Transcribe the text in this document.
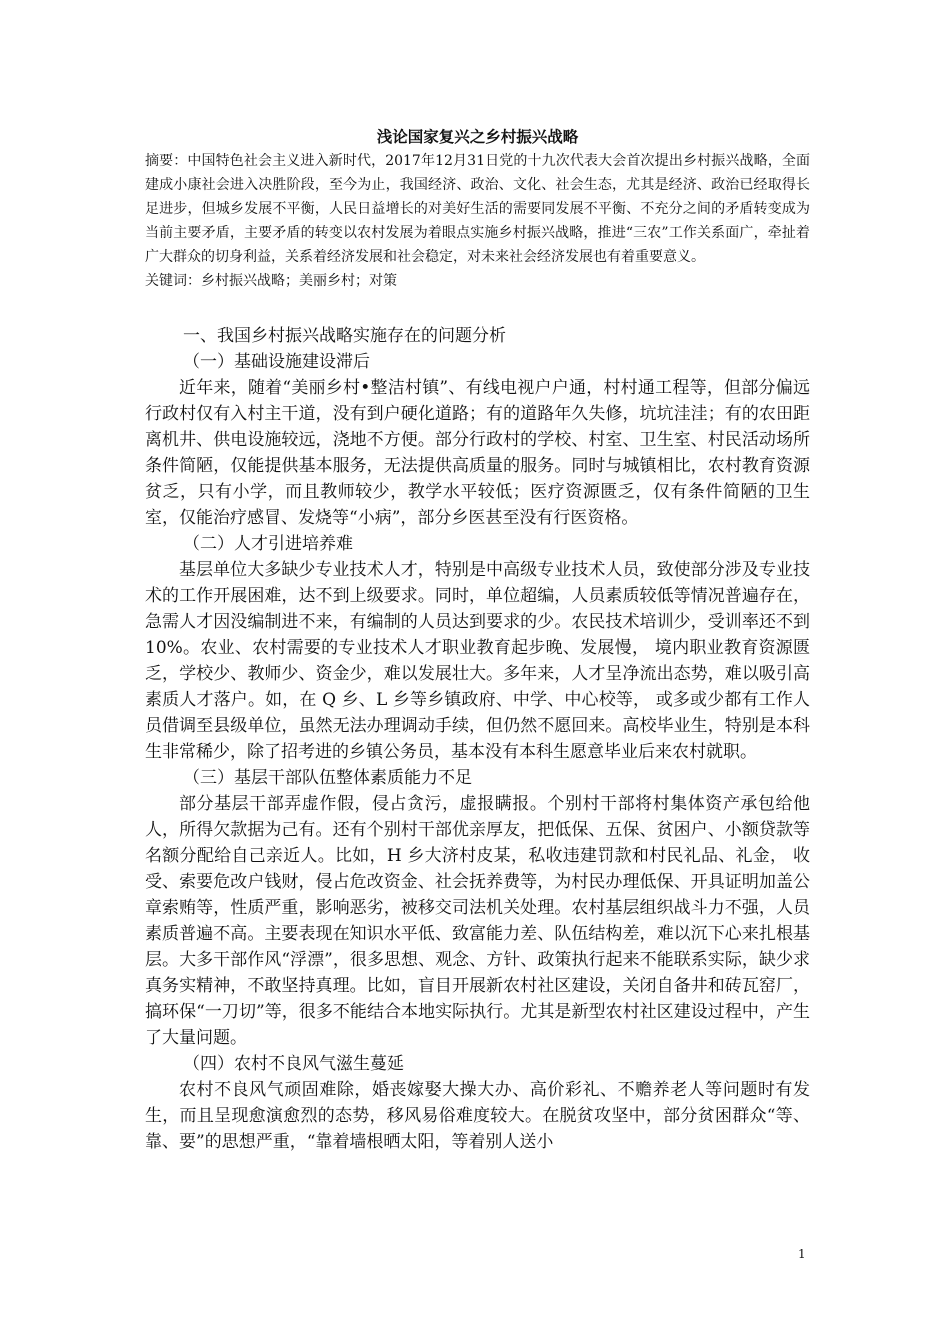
浅论国家复兴之乡村振兴战略

摘要：中国特色社会主义进入新时代，2017年12月31日党的十九次代表大会首次提出乡村振兴战略，全面建成小康社会进入决胜阶段，至今为止，我国经济、政治、文化、社会生态，尤其是经济、政治已经取得长足进步，但城乡发展不平衡，人民日益增长的对美好生活的需要同发展不平衡、不充分之间的矛盾转变成为当前主要矛盾，主要矛盾的转变以农村发展为着眼点实施乡村振兴战略，推进“三农”工作关系面广，牵扯着广大群众的切身利益，关系着经济发展和社会稳定，对未来社会经济发展也有着重要意义。

关键词：乡村振兴战略；美丽乡村；对策

一、我国乡村振兴战略实施存在的问题分析

（一）基础设施建设滞后

近年来，随着“美丽乡村•整洁村镇”、有线电视户户通，村村通工程等，但部分偏远行政村仅有入村主干道，没有到户硬化道路；有的道路年久失修，坑坑洼洼；有的农田距离机井、供电设施较远，浇地不方便。部分行政村的学校、村室、卫生室、村民活动场所条件简陋，仅能提供基本服务，无法提供高质量的服务。同时与城镇相比，农村教育资源贫乏，只有小学，而且教师较少，教学水平较低；医疗资源匮乏，仅有条件简陋的卫生室，仅能治疗感冒、发烧等“小病”，部分乡医甚至没有行医资格。

（二）人才引进培养难

基层单位大多缺少专业技术人才，特别是中高级专业技术人员，致使部分涉及专业技术的工作开展困难，达不到上级要求。同时，单位超编，人员素质较低等情况普遍存在，急需人才因没编制进不来，有编制的人员达到要求的少。农民技术培训少，受训率还不到 10%。农业、农村需要的专业技术人才职业教育起步晚、发展慢， 境内职业教育资源匮乏，学校少、教师少、资金少，难以发展壮大。多年来，人才呈净流出态势，难以吸引高素质人才落户。如，在 Q 乡、L 乡等乡镇政府、中学、中心校等， 或多或少都有工作人员借调至县级单位，虽然无法办理调动手续，但仍然不愿回来。高校毕业生，特别是本科生非常稀少，除了招考进的乡镇公务员，基本没有本科生愿意毕业后来农村就职。

（三）基层干部队伍整体素质能力不足

部分基层干部弄虚作假，侵占贪污，虚报瞒报。个别村干部将村集体资产承包给他人，所得欠款据为己有。还有个别村干部优亲厚友，把低保、五保、贫困户、小额贷款等名额分配给自己亲近人。比如，H 乡大济村皮某，私收违建罚款和村民礼品、礼金， 收受、索要危改户钱财，侵占危改资金、社会抚养费等，为村民办理低保、开具证明加盖公章索贿等，性质严重，影响恶劣，被移交司法机关处理。农村基层组织战斗力不强，人员素质普遍不高。主要表现在知识水平低、致富能力差、队伍结构差，难以沉下心来扎根基层。大多干部作风“浮漂”，很多思想、观念、方针、政策执行起来不能联系实际，缺少求真务实精神，不敢坚持真理。比如，盲目开展新农村社区建设，关闭自备井和砖瓦窑厂，搞环保“一刀切”等，很多不能结合本地实际执行。尤其是新型农村社区建设过程中，产生了大量问题。

（四）农村不良风气滋生蔓延

农村不良风气顽固难除，婚丧嫁娶大操大办、高价彩礼、不赡养老人等问题时有发生，而且呈现愈演愈烈的态势，移风易俗难度较大。在脱贫攻坚中，部分贫困群众“等、靠、要”的思想严重，“靠着墙根晒太阳，等着别人送小

1
